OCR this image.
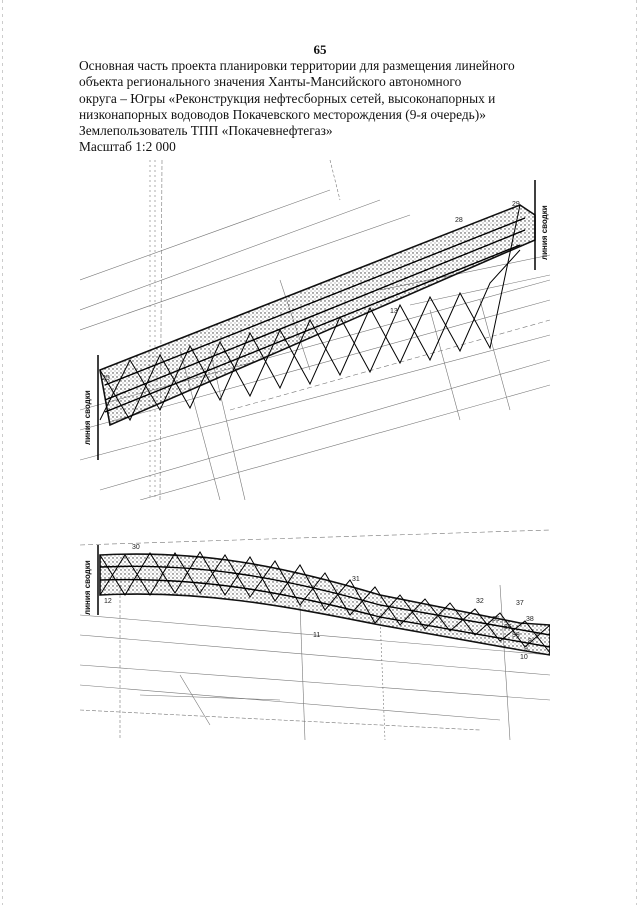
65
Основная часть проекта планировки территории для размещения линейного
объекта регионального значения Ханты-Мансийского автономного
округа – Югры «Реконструкция нефтесборных сетей, высоконапорных и
низконапорных водоводов Покачевского месторождения (9-я очередь)»
Землепользователь ТПП «Покачевнефтегаз»
Масштаб 1:2 000
линия сводки
линия сводки
25
28
29
13
линия сводки
30
31
32	37
12
11
35
36
38
39
10
9
8
